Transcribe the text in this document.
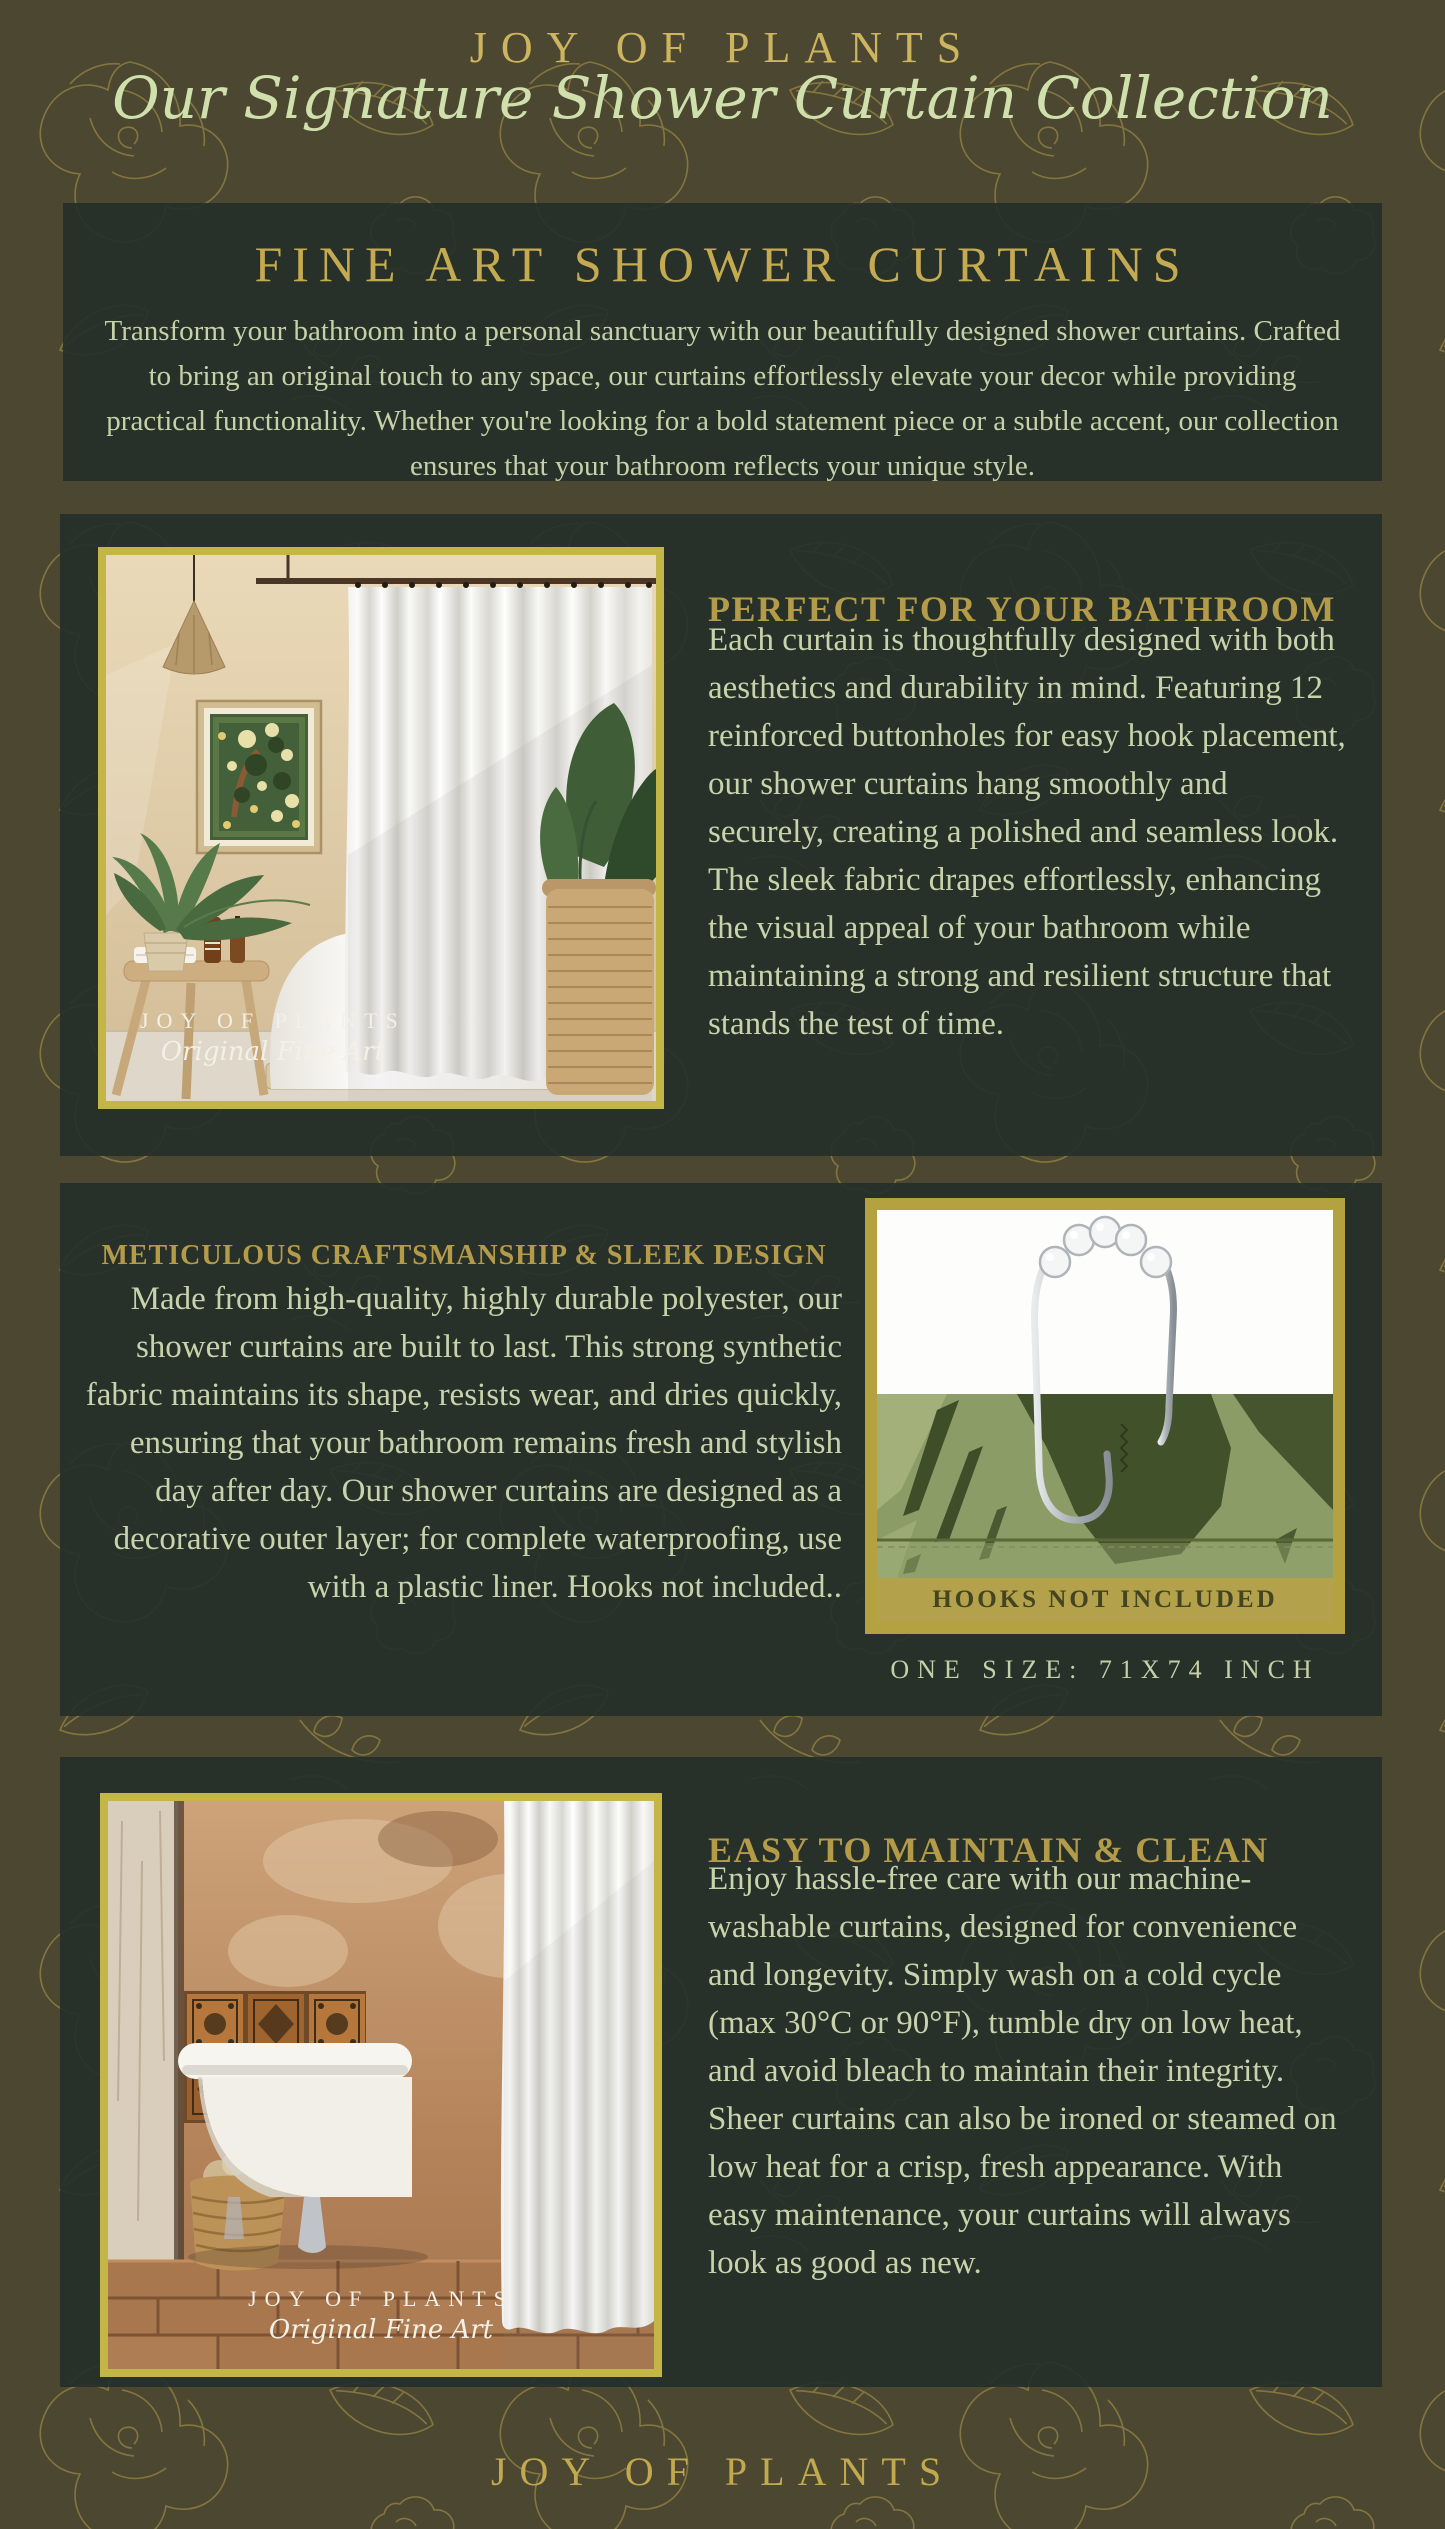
JOY OF PLANTS
Our Signature Shower Curtain Collection
FINE ART SHOWER CURTAINS
Transform your bathroom into a personal sanctuary with our beautifully designed shower curtains. Crafted to bring an original touch to any space, our curtains effortlessly elevate your decor while providing practical functionality. Whether you're looking for a bold statement piece or a subtle accent, our collection ensures that your bathroom reflects your unique style.
JOY OF PLANTS
Original Fine Art
PERFECT FOR YOUR BATHROOM
Each curtain is thoughtfully designed with both aesthetics and durability in mind. Featuring 12 reinforced buttonholes for easy hook placement, our shower curtains hang smoothly and securely, creating a polished and seamless look. The sleek fabric drapes effortlessly, enhancing the visual appeal of your bathroom while maintaining a strong and resilient structure that stands the test of time.
METICULOUS CRAFTSMANSHIP & SLEEK DESIGN
Made from high-quality, highly durable polyester, our shower curtains are built to last. This strong synthetic fabric maintains its shape, resists wear, and dries quickly, ensuring that your bathroom remains fresh and stylish day after day. Our shower curtains are designed as a decorative outer layer; for complete waterproofing, use with a plastic liner. Hooks not included..	HOOKS NOT INCLUDED
ONE SIZE: 71X74 INCH
JOY OF PLANTS
Original Fine Art
EASY TO MAINTAIN & CLEAN
Enjoy hassle-free care with our machine-washable curtains, designed for convenience and longevity. Simply wash on a cold cycle (max 30°C or 90°F), tumble dry on low heat, and avoid bleach to maintain their integrity. Sheer curtains can also be ironed or steamed on low heat for a crisp, fresh appearance. With easy maintenance, your curtains will always look as good as new.
JOY OF PLANTS
